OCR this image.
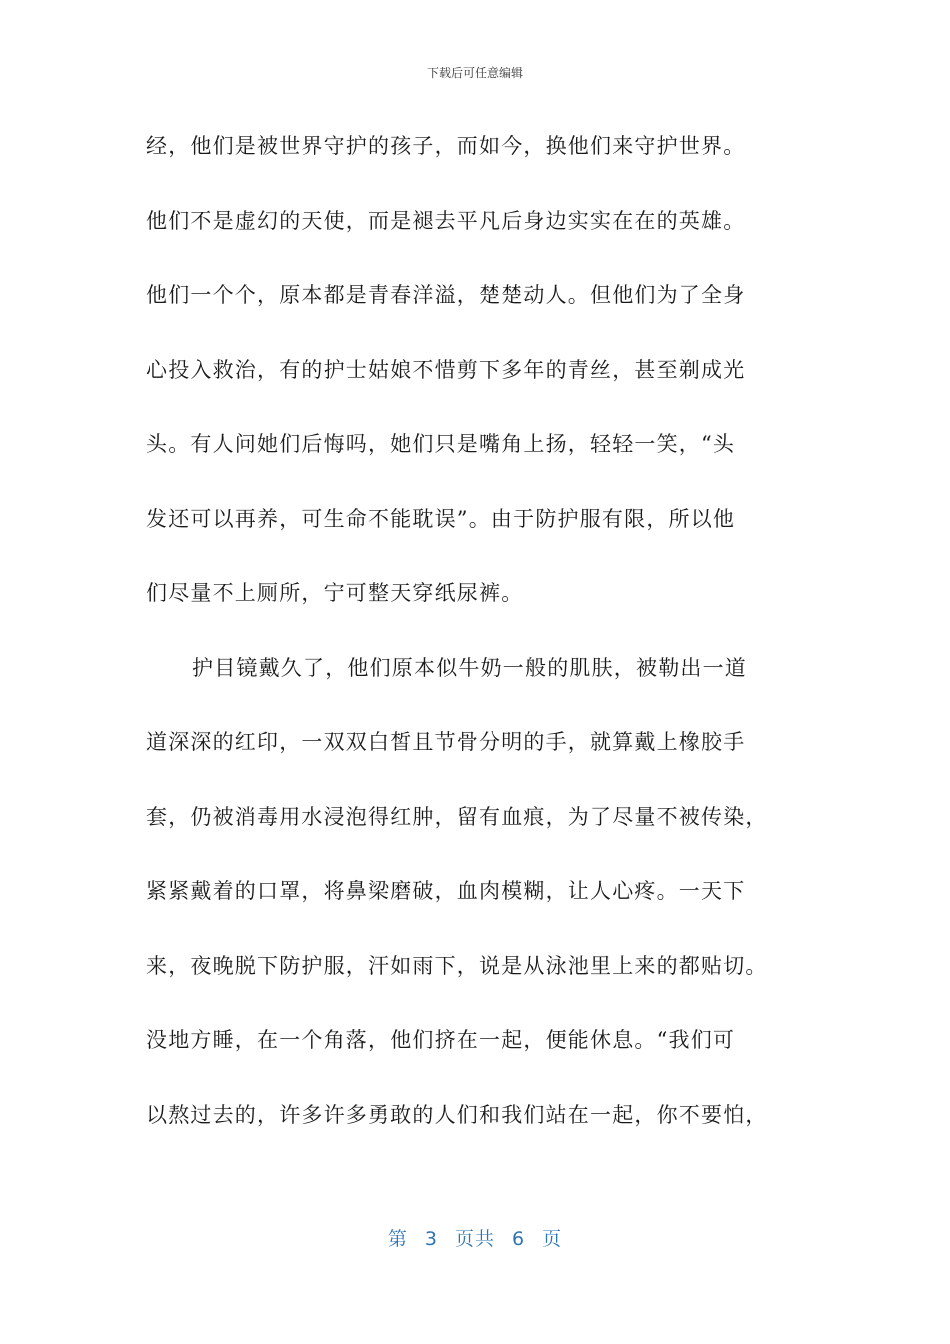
下载后可任意编辑
经，他们是被世界守护的孩子，而如今，换他们来守护世界。
他们不是虚幻的天使，而是褪去平凡后身边实实在在的英雄。
他们一个个，原本都是青春洋溢，楚楚动人。但他们为了全身
心投入救治，有的护士姑娘不惜剪下多年的青丝，甚至剃成光
头。有人问她们后悔吗，她们只是嘴角上扬，轻轻一笑，“头
发还可以再养，可生命不能耽误”。由于防护服有限，所以他
们尽量不上厕所，宁可整天穿纸尿裤。
护目镜戴久了，他们原本似牛奶一般的肌肤，被勒出一道
道深深的红印，一双双白皙且节骨分明的手，就算戴上橡胶手
套，仍被消毒用水浸泡得红肿，留有血痕，为了尽量不被传染，
紧紧戴着的口罩，将鼻梁磨破，血肉模糊，让人心疼。一天下
来，夜晚脱下防护服，汗如雨下，说是从泳池里上来的都贴切。
没地方睡，在一个角落，他们挤在一起，便能休息。“我们可
以熬过去的，许多许多勇敢的人们和我们站在一起，你不要怕，
第 3 页共 6 页
